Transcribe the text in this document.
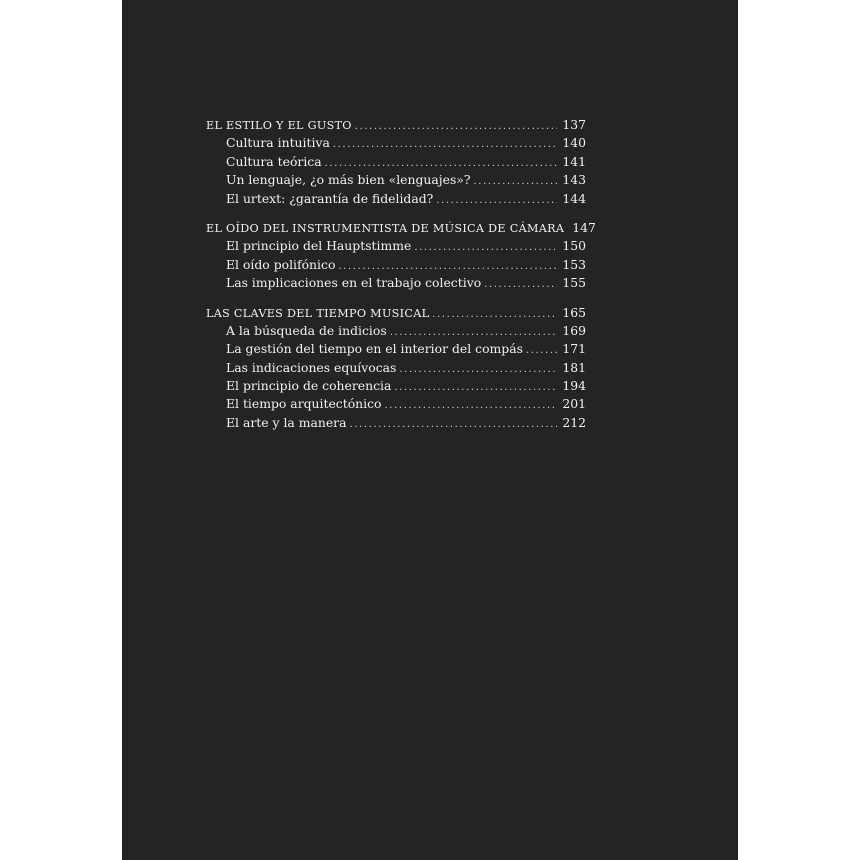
EL ESTILO Y EL GUSTO .....	137
Cultura intuitiva .....	140
Cultura teórica .....	141
Un lenguaje, ¿o más bien «lenguajes»? .....	143
El urtext: ¿garantía de fidelidad? .....	144
EL OÍDO DEL INSTRUMENTISTA DE MÚSICA DE CÁMARA 147
El principio del Hauptstimme .....	150
El oído polifónico .....	153
Las implicaciones en el trabajo colectivo .....	155
LAS CLAVES DEL TIEMPO MUSICAL .....	165
A la búsqueda de indicios .....	169
La gestión del tiempo en el interior del compás .....	171
Las indicaciones equívocas .....	181
El principio de coherencia .....	194
El tiempo arquitectónico .....	201
El arte y la manera .....	212
